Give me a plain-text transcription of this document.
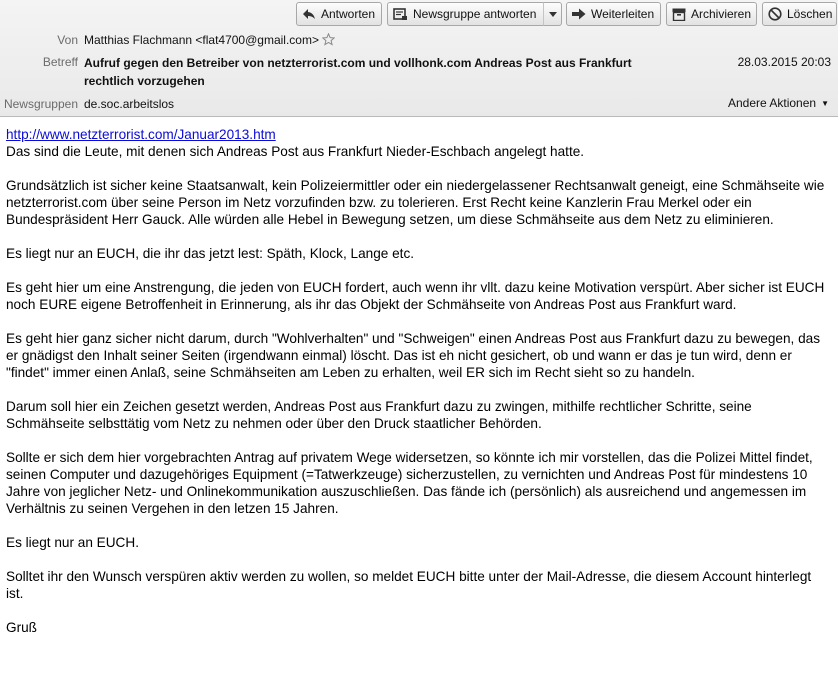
Antworten	Newsgruppe antworten	Weiterleiten	Archivieren	Löschen
Von Matthias Flachmann <flat4700@gmail.com>
Betreff Aufruf gegen den Betreiber von netzterrorist.com und vollhonk.com Andreas Post aus Frankfurt rechtlich vorzugehen
28.03.2015 20:03
Newsgruppen de.soc.arbeitslos	Andere Aktionen ▼

http://www.netzterrorist.com/Januar2013.htm
Das sind die Leute, mit denen sich Andreas Post aus Frankfurt Nieder-Eschbach angelegt hatte.

Grundsätzlich ist sicher keine Staatsanwalt, kein Polizeiermittler oder ein niedergelassener Rechtsanwalt geneigt, eine Schmähseite wie netzterrorist.com über seine Person im Netz vorzufinden bzw. zu tolerieren. Erst Recht keine Kanzlerin Frau Merkel oder ein Bundespräsident Herr Gauck. Alle würden alle Hebel in Bewegung setzen, um diese Schmähseite aus dem Netz zu eliminieren.

Es liegt nur an EUCH, die ihr das jetzt lest: Späth, Klock, Lange etc.

Es geht hier um eine Anstrengung, die jeden von EUCH fordert, auch wenn ihr vllt. dazu keine Motivation verspürt. Aber sicher ist EUCH noch EURE eigene Betroffenheit in Erinnerung, als ihr das Objekt der Schmähseite von Andreas Post aus Frankfurt ward.

Es geht hier ganz sicher nicht darum, durch "Wohlverhalten" und "Schweigen" einen Andreas Post aus Frankfurt dazu zu bewegen, das er gnädigst den Inhalt seiner Seiten (irgendwann einmal) löscht. Das ist eh nicht gesichert, ob und wann er das je tun wird, denn er "findet" immer einen Anlaß, seine Schmähseiten am Leben zu erhalten, weil ER sich im Recht sieht so zu handeln.

Darum soll hier ein Zeichen gesetzt werden, Andreas Post aus Frankfurt dazu zu zwingen, mithilfe rechtlicher Schritte, seine Schmähseite selbsttätig vom Netz zu nehmen oder über den Druck staatlicher Behörden.

Sollte er sich dem hier vorgebrachten Antrag auf privatem Wege widersetzen, so könnte ich mir vorstellen, das die Polizei Mittel findet, seinen Computer und dazugehöriges Equipment (=Tatwerkzeuge) sicherzustellen, zu vernichten und Andreas Post für mindestens 10 Jahre von jeglicher Netz- und Onlinekommunikation auszuschließen. Das fände ich (persönlich) als ausreichend und angemessen im Verhältnis zu seinen Vergehen in den letzen 15 Jahren.

Es liegt nur an EUCH.

Solltet ihr den Wunsch verspüren aktiv werden zu wollen, so meldet EUCH bitte unter der Mail-Adresse, die diesem Account hinterlegt ist.

Gruß
